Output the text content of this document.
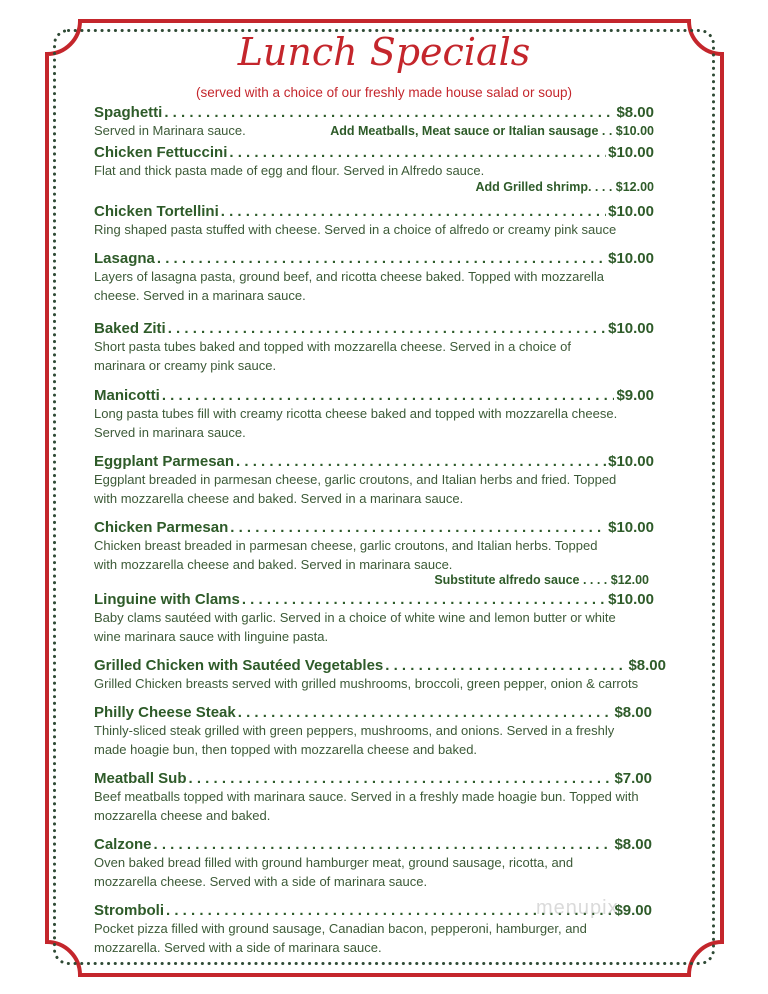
Lunch Specials
(served with a choice of our freshly made house salad or soup)
Spaghetti . . .	$8.00
Served in Marinara sauce.	Add Meatballs, Meat sauce or Italian sausage . . $10.00
Chicken Fettuccini . . .	$10.00
Flat and thick pasta made of egg and flour. Served in Alfredo sauce.
Add Grilled shrimp. . . . $12.00
Chicken Tortellini . . .	$10.00
Ring shaped pasta stuffed with cheese. Served in a choice of alfredo or creamy pink sauce
Lasagna . . .	$10.00
Layers of lasagna pasta, ground beef, and ricotta cheese baked. Topped with mozzarella
cheese. Served in a marinara sauce.
Baked Ziti . . .	$10.00
Short pasta tubes baked and topped with mozzarella cheese. Served in a choice of
marinara or creamy pink sauce.
Manicotti . . .	$9.00
Long pasta tubes fill with creamy ricotta cheese baked and topped with mozzarella cheese.
Served in marinara sauce.
Eggplant Parmesan . . .	$10.00
Eggplant breaded in parmesan cheese, garlic croutons, and Italian herbs and fried. Topped
with mozzarella cheese and baked. Served in a marinara sauce.
Chicken Parmesan . . .	$10.00
Chicken breast breaded in parmesan cheese, garlic croutons, and Italian herbs. Topped
with mozzarella cheese and baked. Served in marinara sauce.
Substitute alfredo sauce . . . . $12.00
Linguine with Clams . . .	$10.00
Baby clams sautéed with garlic. Served in a choice of white wine and lemon butter or white
wine marinara sauce with linguine pasta.
Grilled Chicken with Sautéed Vegetables . . .	$8.00
Grilled Chicken breasts served with grilled mushrooms, broccoli, green pepper, onion & carrots
Philly Cheese Steak . . .	$8.00
Thinly-sliced steak grilled with green peppers, mushrooms, and onions. Served in a freshly
made hoagie bun, then topped with mozzarella cheese and baked.
Meatball Sub . . .	$7.00
Beef meatballs topped with marinara sauce. Served in a freshly made hoagie bun. Topped with
mozzarella cheese and baked.
Calzone . . .	$8.00
Oven baked bread filled with ground hamburger meat, ground sausage, ricotta, and
mozzarella cheese. Served with a side of marinara sauce.
Stromboli . . .	$9.00
Pocket pizza filled with ground sausage, Canadian bacon, pepperoni, hamburger, and
mozzarella. Served with a side of marinara sauce.
menupix
